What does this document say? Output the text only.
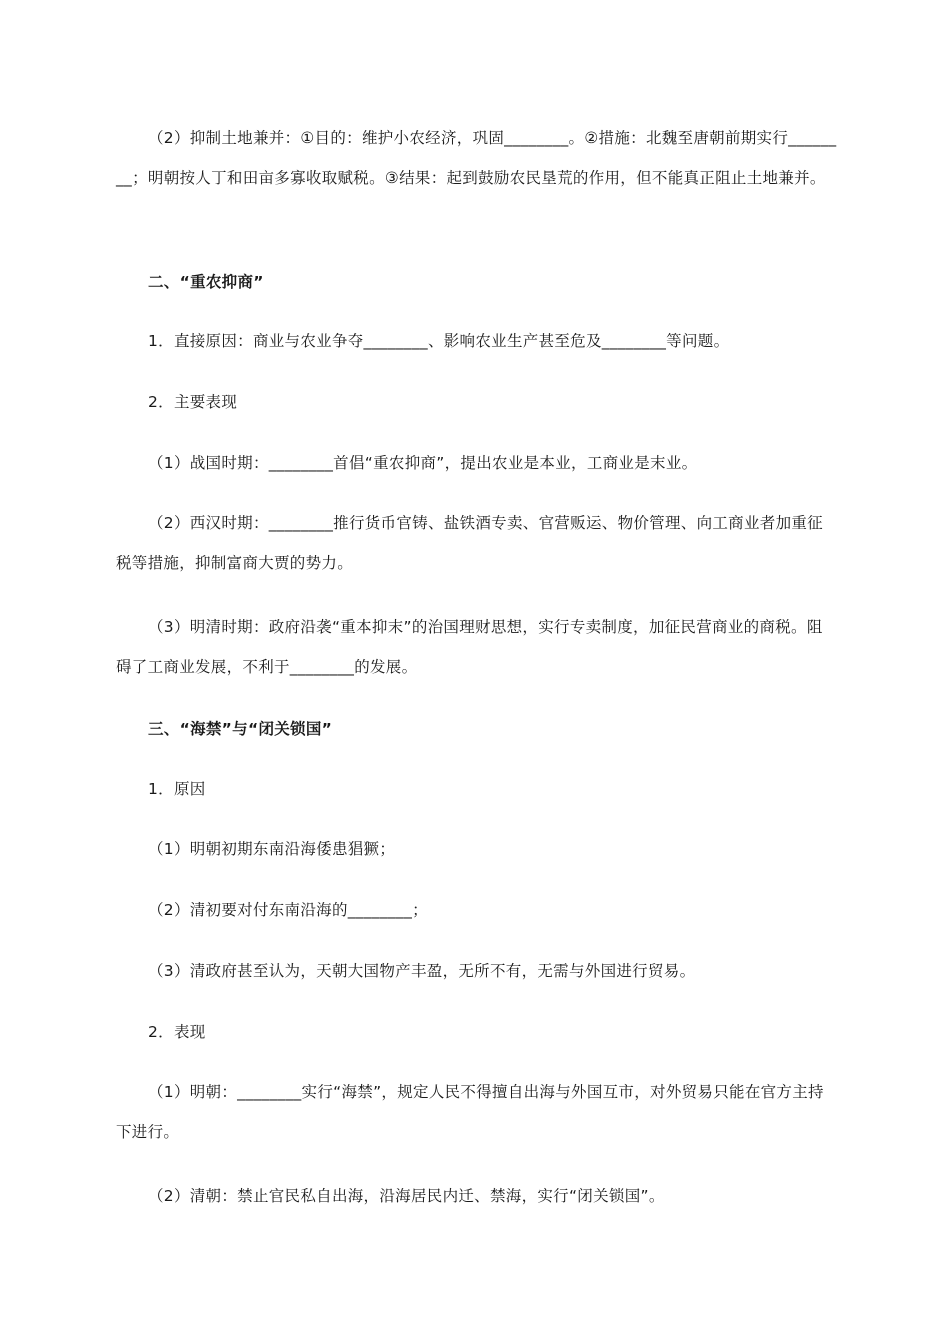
（2）抑制土地兼并：①目的：维护小农经济，巩固________。②措施：北魏至唐朝前期实行________；明朝按人丁和田亩多寡收取赋税。③结果：起到鼓励农民垦荒的作用，但不能真正阻止土地兼并。

二、“重农抑商”

1．直接原因：商业与农业争夺________、影响农业生产甚至危及________等问题。

2．主要表现

（1）战国时期：________首倡“重农抑商”，提出农业是本业，工商业是末业。

（2）西汉时期：________推行货币官铸、盐铁酒专卖、官营贩运、物价管理、向工商业者加重征税等措施，抑制富商大贾的势力。

（3）明清时期：政府沿袭“重本抑末”的治国理财思想，实行专卖制度，加征民营商业的商税。阻碍了工商业发展，不利于________的发展。

三、“海禁”与“闭关锁国”

1．原因

（1）明朝初期东南沿海倭患猖獗；

（2）清初要对付东南沿海的________；

（3）清政府甚至认为，天朝大国物产丰盈，无所不有，无需与外国进行贸易。

2．表现

（1）明朝：________实行“海禁”，规定人民不得擅自出海与外国互市，对外贸易只能在官方主持下进行。

（2）清朝：禁止官民私自出海，沿海居民内迁、禁海，实行“闭关锁国”。
